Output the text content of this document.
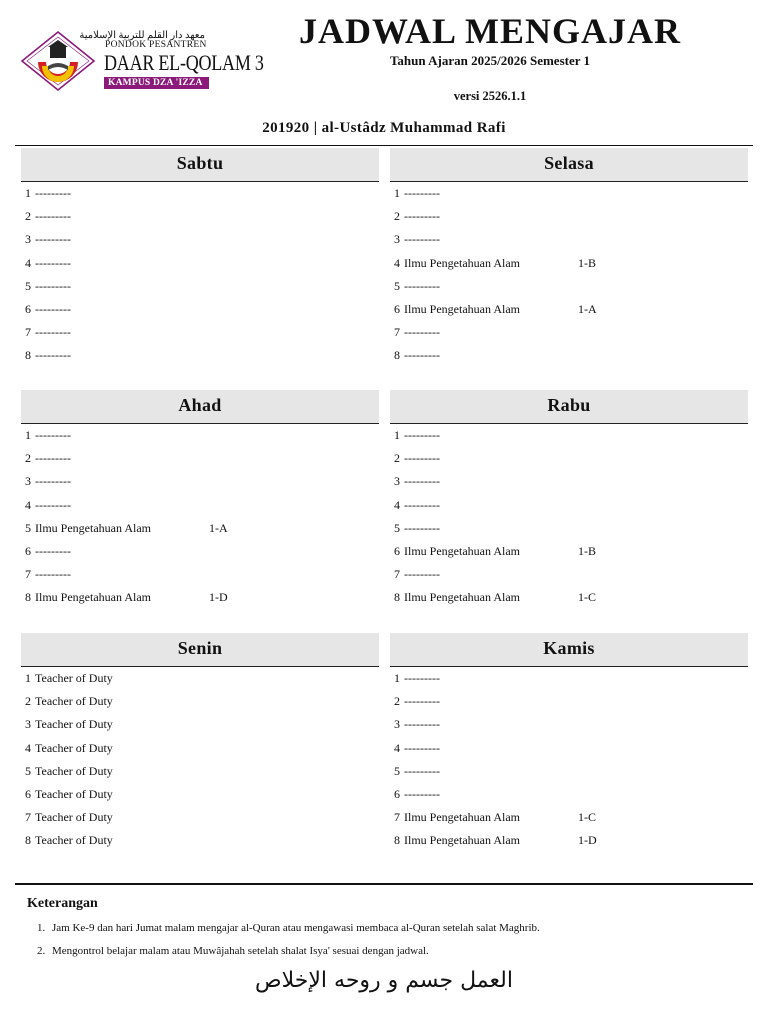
معهد دار القلم للتربية الإسلامية
PONDOK PESANTREN
DAAR EL-QOLAM 3
KAMPUS DZA 'IZZA
JADWAL MENGAJAR
Tahun Ajaran 2025/2026 Semester 1
versi 2526.1.1
201920 | al-Ustâdz Muhammad Rafi
Sabtu
1 ---------
2 ---------
3 ---------
4 ---------
5 ---------
6 ---------
7 ---------
8 ---------
Selasa
1 ---------
2 ---------
3 ---------
4 Ilmu Pengetahuan Alam	1-B
5 ---------
6 Ilmu Pengetahuan Alam	1-A
7 ---------
8 ---------
Ahad
1 ---------
2 ---------
3 ---------
4 ---------
5 Ilmu Pengetahuan Alam	1-A
6 ---------
7 ---------
8 Ilmu Pengetahuan Alam	1-D
Rabu
1 ---------
2 ---------
3 ---------
4 ---------
5 ---------
6 Ilmu Pengetahuan Alam	1-B
7 ---------
8 Ilmu Pengetahuan Alam	1-C
Senin
1 Teacher of Duty
2 Teacher of Duty
3 Teacher of Duty
4 Teacher of Duty
5 Teacher of Duty
6 Teacher of Duty
7 Teacher of Duty
8 Teacher of Duty
Kamis
1 ---------
2 ---------
3 ---------
4 ---------
5 ---------
6 ---------
7 Ilmu Pengetahuan Alam	1-C
8 Ilmu Pengetahuan Alam	1-D
Keterangan
1. Jam Ke-9 dan hari Jumat malam mengajar al-Quran atau mengawasi membaca al-Quran setelah salat Maghrib.
2. Mengontrol belajar malam atau Muwâjahah setelah shalat Isya' sesuai dengan jadwal.
العمل جسم و روحه الإخلاص
